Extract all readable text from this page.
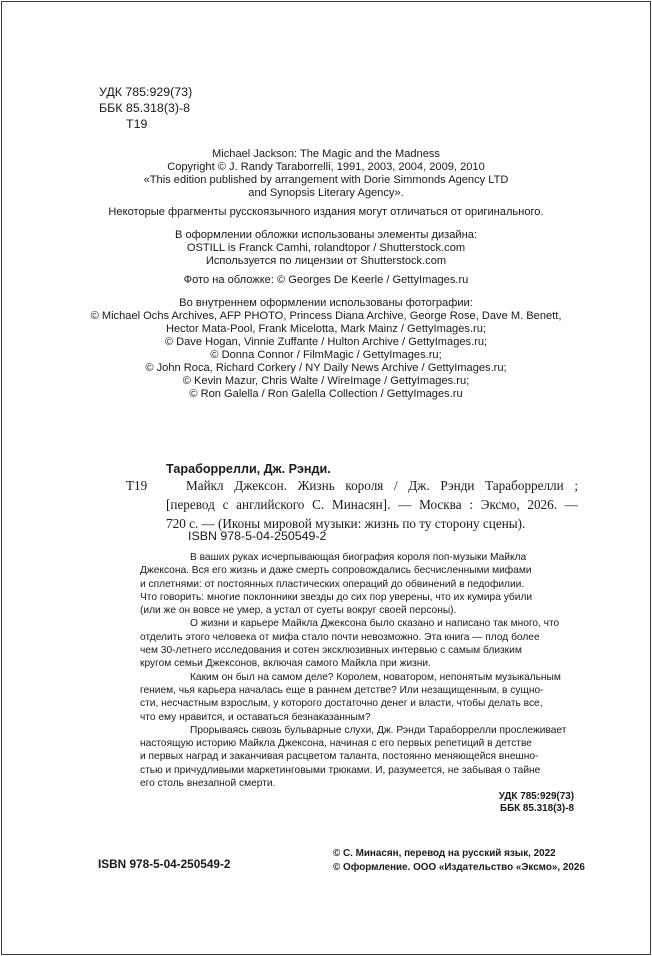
УДК 785:929(73)
ББК 85.318(3)-8
Т19
Michael Jackson: The Magic and the Madness
Copyright © J. Randy Taraborrelli, 1991, 2003, 2004, 2009, 2010
«This edition published by arrangement with Dorie Simmonds Agency LTD
and Synopsis Literary Agency».
Некоторые фрагменты русскоязычного издания могут отличаться от оригинального.
В оформлении обложки использованы элементы дизайна:
OSTILL is Franck Camhi, rolandtopor / Shutterstock.com
Используется по лицензии от Shutterstock.com
Фото на обложке: © Georges De Keerle / GettyImages.ru
Во внутреннем оформлении использованы фотографии:
© Michael Ochs Archives, AFP PHOTO, Princess Diana Archive, George Rose, Dave M. Benett,
Hector Mata-Pool, Frank Micelotta, Mark Mainz / GettyImages.ru;
© Dave Hogan, Vinnie Zuffante / Hulton Archive / GettyImages.ru;
© Donna Connor / FilmMagic / GettyImages.ru;
© John Roca, Richard Corkery / NY Daily News Archive / GettyImages.ru;
© Kevin Mazur, Chris Walte / WireImage / GettyImages.ru;
© Ron Galella / Ron Galella Collection / GettyImages.ru
Тараборрелли, Дж. Рэнди.
Т19	Майкл Джексон. Жизнь короля / Дж. Рэнди Тараборрелли ;
[перевод с английского С. Минасян]. — Москва : Эксмо, 2026. —
720 с. — (Иконы мировой музыки: жизнь по ту сторону сцены).
ISBN 978-5-04-250549-2
В ваших руках исчерпывающая биография короля поп-музыки Майкла
Джексона. Вся его жизнь и даже смерть сопровождались бесчисленными мифами
и сплетнями: от постоянных пластических операций до обвинений в педофилии.
Что говорить: многие поклонники звезды до сих пор уверены, что их кумира убили
(или же он вовсе не умер, а устал от суеты вокруг своей персоны).
О жизни и карьере Майкла Джексона было сказано и написано так много, что
отделить этого человека от мифа стало почти невозможно. Эта книга — плод более
чем 30-летнего исследования и сотен эксклюзивных интервью с самым близким
кругом семьи Джексонов, включая самого Майкла при жизни.
Каким он был на самом деле? Королем, новатором, непонятым музыкальным
гением, чья карьера началась еще в раннем детстве? Или незащищенным, в сущно-
сти, несчастным взрослым, у которого достаточно денег и власти, чтобы делать все,
что ему нравится, и оставаться безнаказанным?
Прорываясь сквозь бульварные слухи, Дж. Рэнди Тараборрелли прослеживает
настоящую историю Майкла Джексона, начиная с его первых репетиций в детстве
и первых наград и заканчивая расцветом таланта, постоянно меняющейся внешно-
стью и причудливыми маркетинговыми трюками. И, разумеется, не забывая о тайне
его столь внезапной смерти.
УДК 785:929(73)
ББК 85.318(3)-8
ISBN 978-5-04-250549-2
© С. Минасян, перевод на русский язык, 2022
© Оформление. ООО «Издательство «Эксмо», 2026
